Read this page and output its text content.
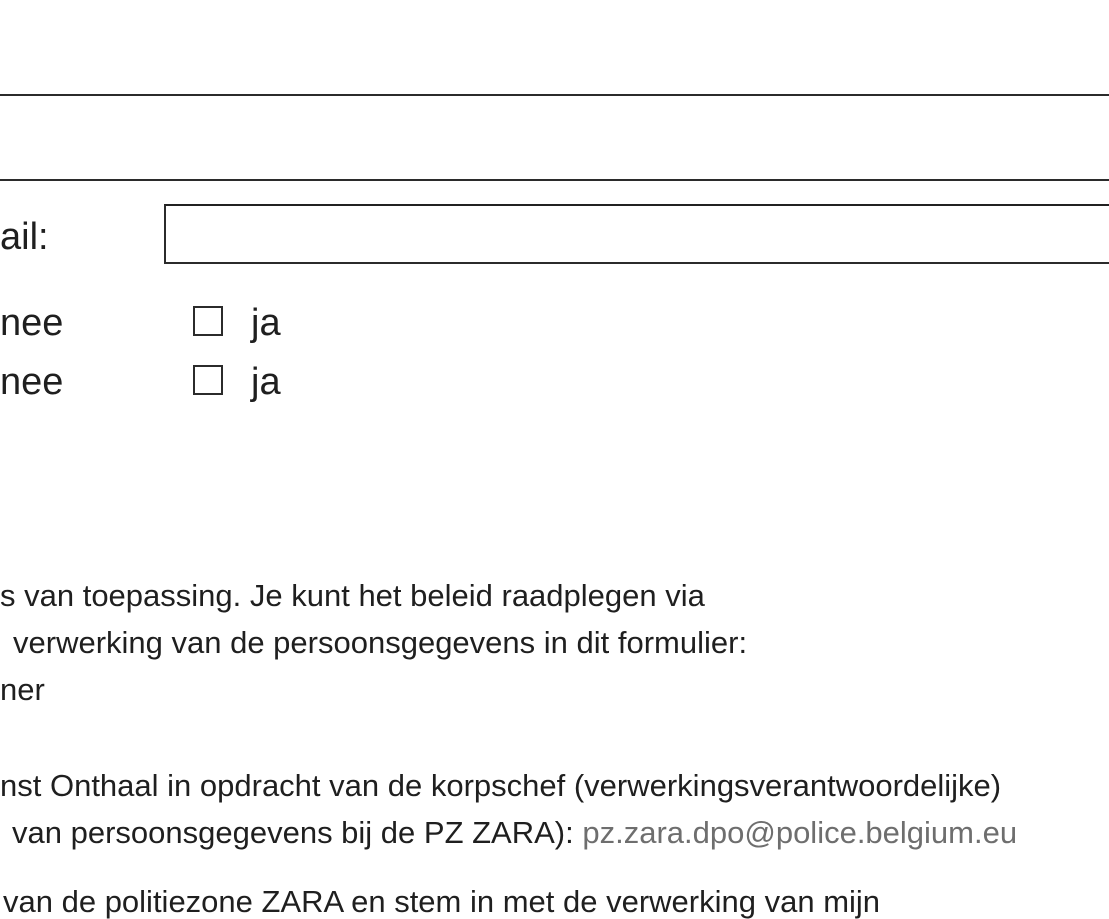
ail:
nee	ja
nee	ja
s van toepassing. Je kunt het beleid raadplegen via
verwerking van de persoonsgegevens in dit formulier:
ner
nst Onthaal in opdracht van de korpschef (verwerkingsverantwoordelijke)
van persoonsgegevens bij de PZ ZARA): pz.zara.dpo@police.belgium.eu
van de politiezone ZARA en stem in met de verwerking van mijn
